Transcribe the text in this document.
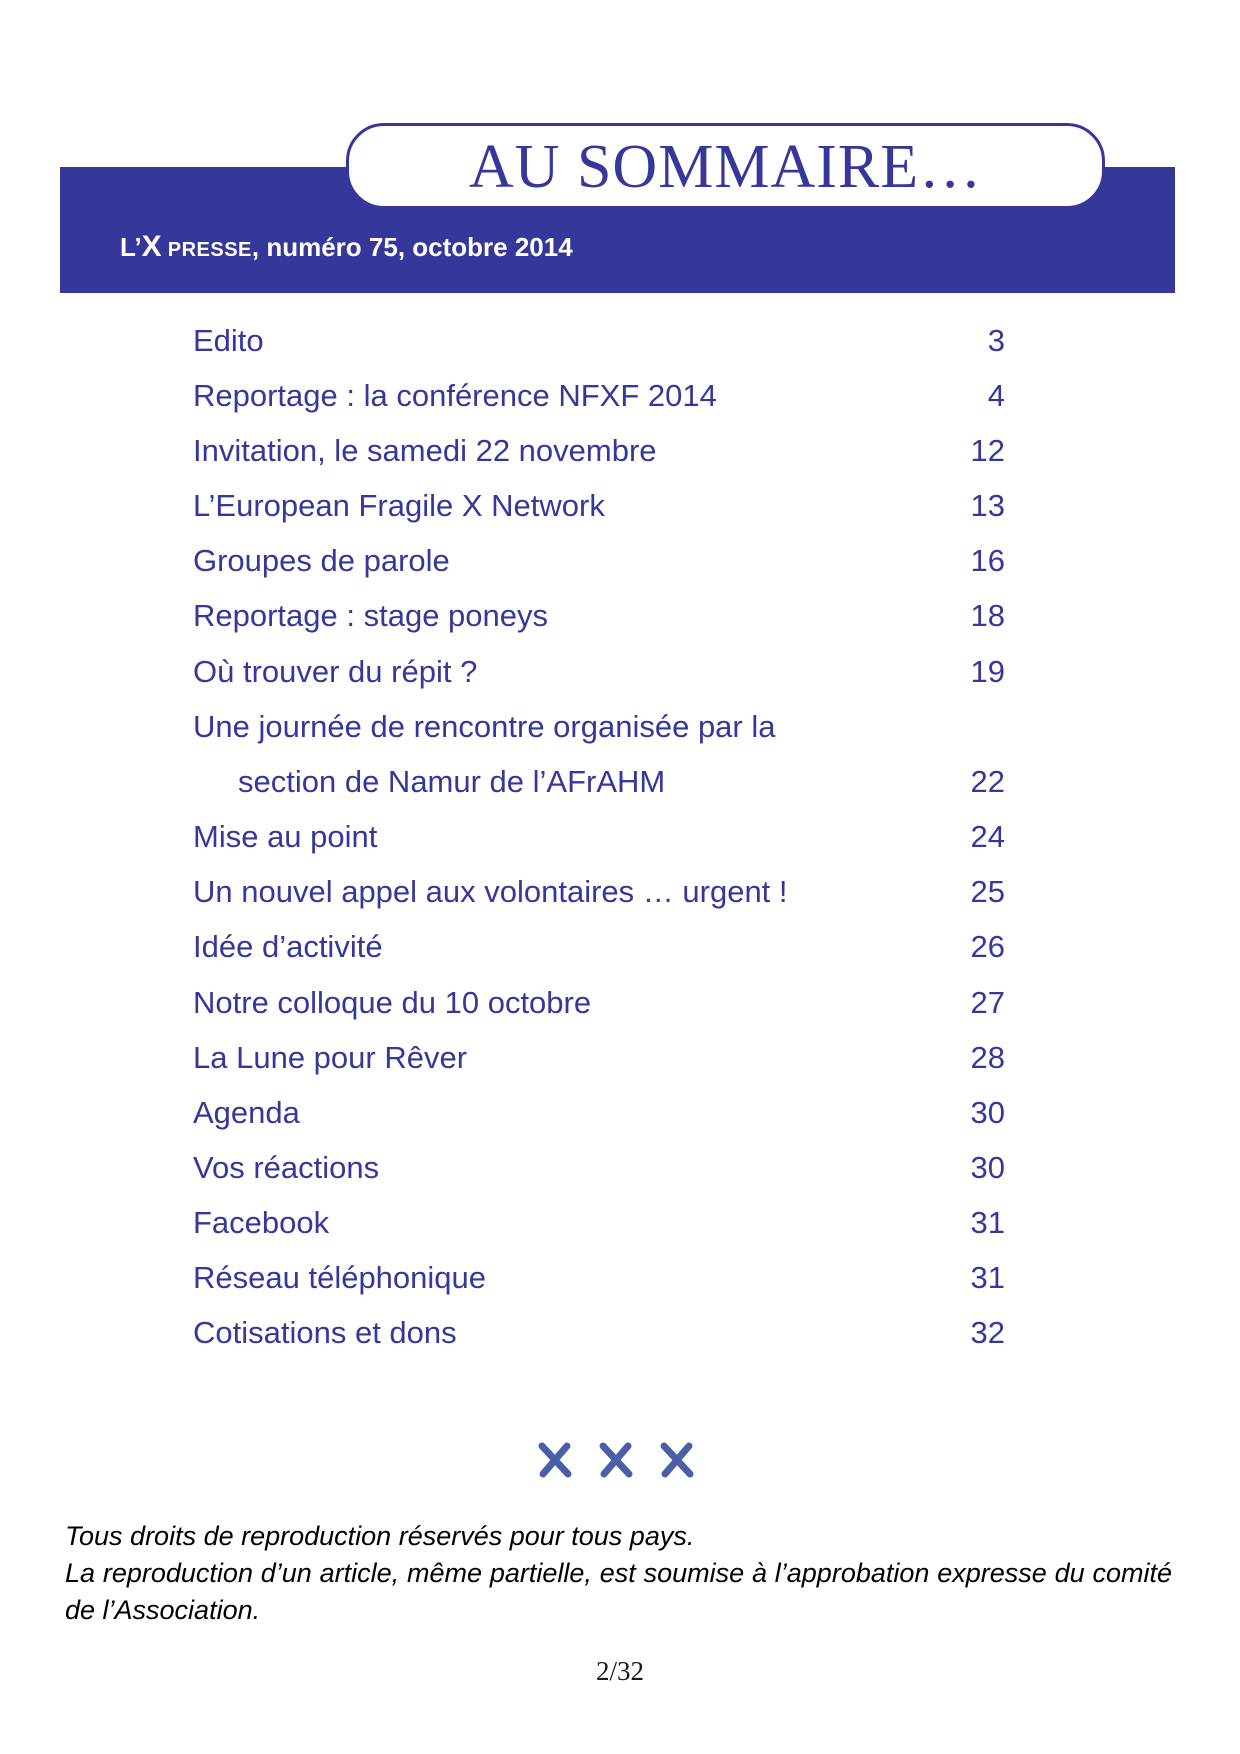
AU SOMMAIRE…
L’X PRESSE, numéro 75, octobre 2014
Edito	3
Reportage : la conférence NFXF 2014	4
Invitation, le samedi 22 novembre	12
L’European Fragile X Network	13
Groupes de parole	16
Reportage : stage poneys	18
Où trouver du répit ?	19
Une journée de rencontre organisée par la
section de Namur de l’AFrAHM	22
Mise au point	24
Un nouvel appel aux volontaires … urgent !	25
Idée d’activité	26
Notre colloque du 10 octobre	27
La Lune pour Rêver	28
Agenda	30
Vos réactions	30
Facebook	31
Réseau téléphonique	31
Cotisations et dons	32

Tous droits de reproduction réservés pour tous pays.

La reproduction d’un article, même partielle, est soumise à l’approbation expresse du comité de l’Association.

2/32
